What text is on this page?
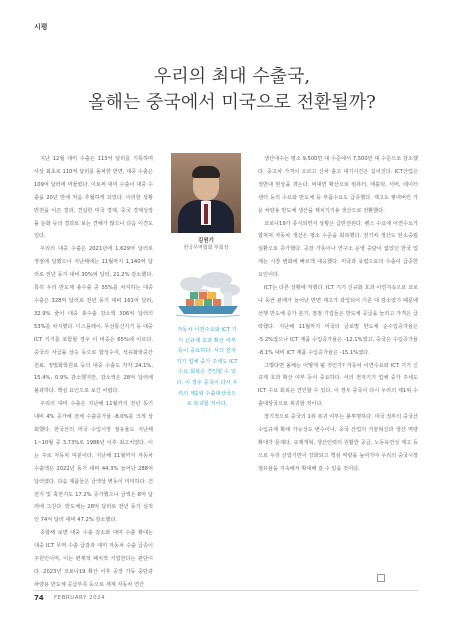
시평
우리의 최대 수출국,
올해는 중국에서 미국으로 전환될까?

지난 12월 대미 수출은 113억 달러를 기록하며 사상 최초로 110억 달러를 돌파한 반면, 대중 수출은 109억 달러에 머물렀다. 이로써 대미 수출이 대중 수출을 20년 만에 처음 추월하게 되었다. 이러한 상황 반전을 이끈 결과, 견실한 미국 경제, 중국 경제성장률 둔화 등의 결과로 보는 견해가 많으나 다음 이견도 있다.

우리의 대중 수출은 2021년에 1,629억 달러로 정점에 달했으나 지난해에는 11월까지 1,140억 달러로 전년 동기 대비 30%억 달러, 21.2% 감소했다. 특히 우리 반도체 총수출 중 55%를 차지하는 대중 수출은 328억 달러로 전년 동기 대비 161억 달러, 32.9% 줄어 대중 총수출 감소액 306억 달러의 53%를 차지했다. 디스플레이, 무선통신기기 등 대중 ICT 기기를 포함할 경우 이 비중은 65%에 이르다. 중국의 자급률 상승 등으로 합성수지, 석유화학중간원료, 정밀화학원료 등의 대중 수출도 각각 24.1%, 15.4%, 0.9% 감소했지만, 감소액은 28억 달러에 불과하다. 핵심 요인으로 보긴 어렵다.

우리의 대미 수출은 지난해 11월까지 전년 동기 대비 4% 증가해 전체 수출증가율 -8.0%를 크게 상회했다. 한국산의 미국 수입시장 점유율도 지난해 1~10월 중 3.73%로 1986년 이후 최고치였다. 이는 주로 자동차 덕분이다. 지난해 11월까지 자동차 수출액은 2022년 동기 대비 44.3% 늘어난 288억 달러였다. 다음 제품들은 금액상 변동이 미미하다. 건전지 및 축전지도 17.2% 증가했으나 금액은 8억 달러에 그친다. 반도체는 28억 달러로 전년 동기 실적인 74억 달러 대비 47.2% 감소했다.

종합해 보면 대중 수출 감소와 대미 수출 확대는 대중 ICT 무역 수출 급감과 대미 자동차 수출 급증이 주원인이며, 이는 편재적 패치적 기업한다는 판단이다. 2023년 코로나19 확산 이후 공장 가동 중단과 차량용 반도체 공급부족 등으로 세계 자동차 연간

김원기
한국무역협회 부회장
자동차 이연수요와 ICT 기기 신규제 호과 확산 여부 등이 중요하다. 서의 전자기기 업체 중가 주세도 ICT 수요 회복은 견인할 수 있다. 이 경우 중국이 다시 우리의 제1위 수출대상국으로 복귀할 것이다.

생산대수는 평소 9,500만 대 수준에서 7,500만 대 수준으로 감소했다. 중고차 가격이 오르고 신차 출고 대기시간은 길어진다. ICT산업은 정반대 현상을 겪는다. 비대면 확산으로 컴퓨터, 태블릿, 서버, 데이터센터 등의 수요와 반도체 등 부품수요도 급증했다. 재고도 쌓여버린 가운 차량용 반도체 생산을 제치기기용 생산으로 전환했다.

코로나19가 종식되면서 상황은 급반전된다. 펜스 수요에 이연수요가 합쳐져 자동차 생산은 평소 수준을 회복했다. 전기차 생산도 탄소중립 일환으로 증가했다. 공장 가동이나 연구소 운영 중단이 없었던 한국 업계는 시장 변화에 빠르게 대응했다. 미국과 유럽으로의 수출이 급증한 요인이다.

ICT는 다른 상황에 처했다. ICT 기기 신규화 호과 이연지속으로 코로나 동안 판매가 늘어난 반면 재고가 과잉되어 기존 대 감소였기 때문에 선행 반도체 증가 분기, 점점 기업들은 반도체 공급을 늘리고 가격은 급락했다. 지난해 11월까지 미국의 글로벌 반도체 순수입증가율은 -5.2%였으나 ICT 제품 수입증가율은 -12.1%였고, 중국은 수입증가율 -8.1% 대비 ICT 제품 수입증가율은 -15.1%였다.

그렇다면 올해는 어떻게 될 것인가? 자동차 이연수요와 ICT 기기 신규제 호과 확산 여부 등이 중요하다. 서의 전자기기 업체 중가 주세도 ICT 수요 회복은 견인할 수 있다. 이 경우 중국이 다시 우리의 제1위 수출대상국으로 복귀할 것이다.

장기적으로 중국의 1위 복귀 여부는 불투명하다. 미국 정부의 중국산 수입규제 확대 가능성도 변수이나, 중국 산업의 기술혁신과 생산 역량 확대가 문제다. 규제개혁, 생산인력의 원활한 공급, 노동유연성 제고 등으로 우리 산업기반이 강화되고 핵심 역량을 높여가야 우리의 중국시장 점유율을 지속해서 확대해 갈 수 있을 것이다.

74 FEBRUARY 2024
